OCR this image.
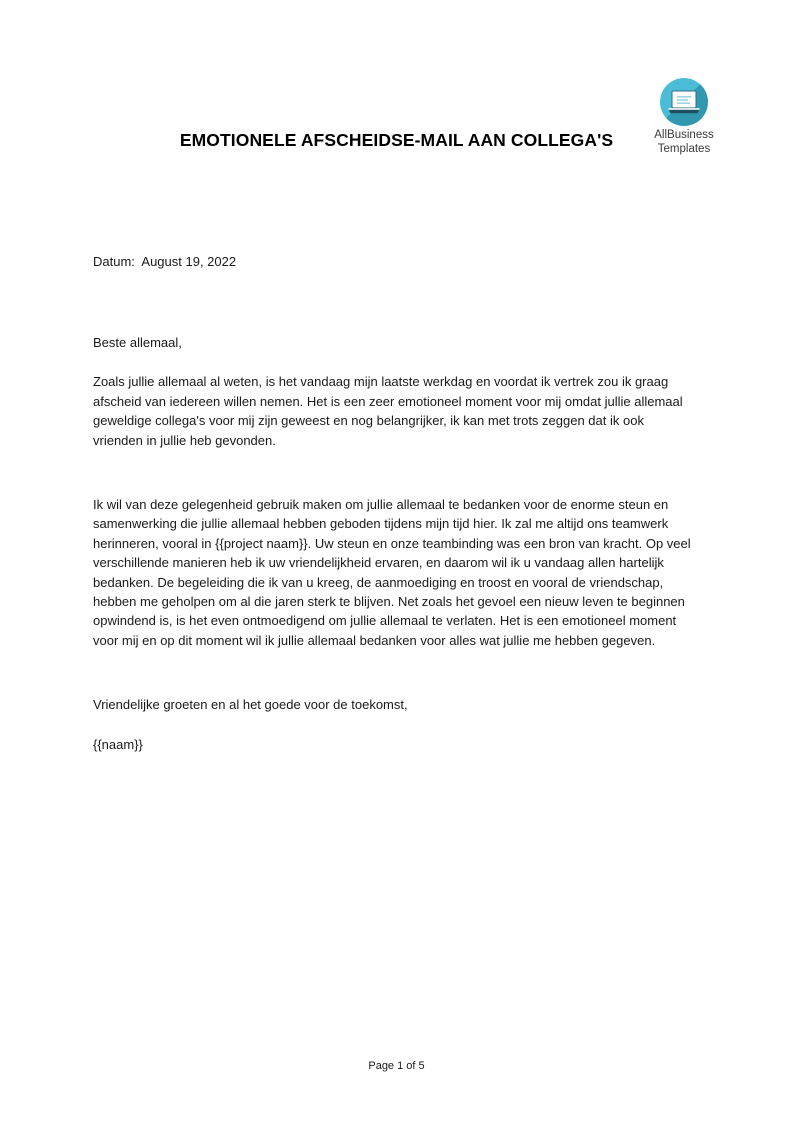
AllBusiness
Templates
EMOTIONELE AFSCHEIDSE-MAIL AAN COLLEGA'S
Datum:  August 19, 2022

Beste allemaal,

Zoals jullie allemaal al weten, is het vandaag mijn laatste werkdag en voordat ik vertrek zou ik graag afscheid van iedereen willen nemen. Het is een zeer emotioneel moment voor mij omdat jullie allemaal geweldige collega's voor mij zijn geweest en nog belangrijker, ik kan met trots zeggen dat ik ook vrienden in jullie heb gevonden.

Ik wil van deze gelegenheid gebruik maken om jullie allemaal te bedanken voor de enorme steun en samenwerking die jullie allemaal hebben geboden tijdens mijn tijd hier. Ik zal me altijd ons teamwerk herinneren, vooral in {{project naam}}. Uw steun en onze teambinding was een bron van kracht. Op veel verschillende manieren heb ik uw vriendelijkheid ervaren, en daarom wil ik u vandaag allen hartelijk bedanken. De begeleiding die ik van u kreeg, de aanmoediging en troost en vooral de vriendschap, hebben me geholpen om al die jaren sterk te blijven. Net zoals het gevoel een nieuw leven te beginnen opwindend is, is het even ontmoedigend om jullie allemaal te verlaten. Het is een emotioneel moment voor mij en op dit moment wil ik jullie allemaal bedanken voor alles wat jullie me hebben gegeven.

Vriendelijke groeten en al het goede voor de toekomst,

{{naam}}

Page 1 of 5
